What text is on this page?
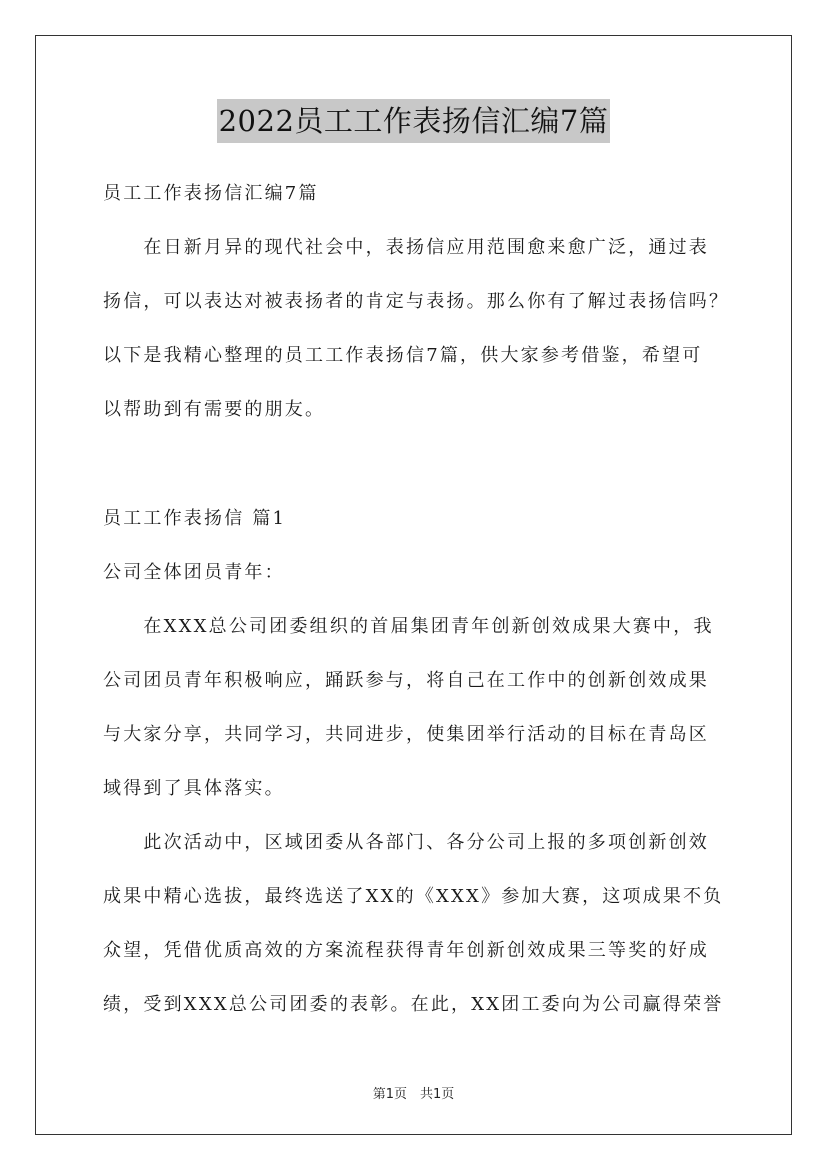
2022员工工作表扬信汇编7篇
员工工作表扬信汇编7篇
　　在日新月异的现代社会中，表扬信应用范围愈来愈广泛，通过表
扬信，可以表达对被表扬者的肯定与表扬。那么你有了解过表扬信吗？
以下是我精心整理的员工工作表扬信7篇，供大家参考借鉴，希望可
以帮助到有需要的朋友。
员工工作表扬信 篇1
公司全体团员青年：
　　在XXX总公司团委组织的首届集团青年创新创效成果大赛中，我
公司团员青年积极响应，踊跃参与，将自己在工作中的创新创效成果
与大家分享，共同学习，共同进步，使集团举行活动的目标在青岛区
域得到了具体落实。
　　此次活动中，区域团委从各部门、各分公司上报的多项创新创效
成果中精心选拔，最终选送了XX的《XXX》参加大赛，这项成果不负
众望，凭借优质高效的方案流程获得青年创新创效成果三等奖的好成
绩，受到XXX总公司团委的表彰。在此，XX团工委向为公司赢得荣誉
第1页　共1页
